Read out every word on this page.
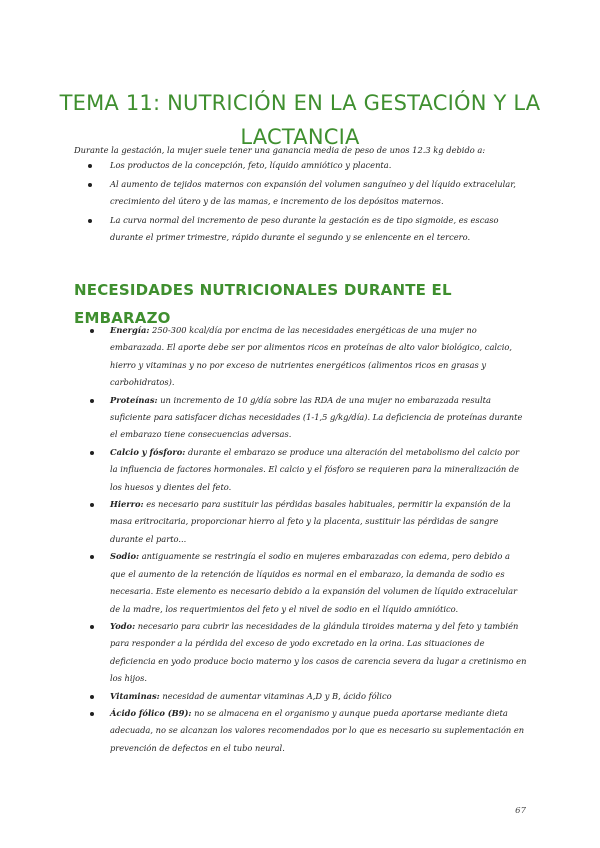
TEMA 11: NUTRICIÓN EN LA GESTACIÓN Y LA LACTANCIA

Durante la gestación, la mujer suele tener una ganancia media de peso de unos 12.3 kg debido a:

Los productos de la concepción, feto, líquido amniótico y placenta.
Al aumento de tejidos maternos con expansión del volumen sanguíneo y del líquido extracelular, crecimiento del útero y de las mamas, e incremento de los depósitos maternos.
La curva normal del incremento de peso durante la gestación es de tipo sigmoide, es escaso durante el primer trimestre, rápido durante el segundo y se enlencente en el tercero.
NECESIDADES NUTRICIONALES DURANTE EL EMBARAZO
Energía: 250-300 kcal/día por encima de las necesidades energéticas de una mujer no embarazada. El aporte debe ser por alimentos ricos en proteínas de alto valor biológico, calcio, hierro y vitaminas y no por exceso de nutrientes energéticos (alimentos ricos en grasas y carbohidratos).
Proteínas: un incremento de 10 g/día sobre las RDA de una mujer no embarazada resulta suficiente para satisfacer dichas necesidades (1-1,5 g/kg/día). La deficiencia de proteínas durante el embarazo tiene consecuencias adversas.
Calcio y fósforo: durante el embarazo se produce una alteración del metabolismo del calcio por la influencia de factores hormonales. El calcio y el fósforo se requieren para la mineralización de los huesos y dientes del feto.
Hierro: es necesario para sustituir las pérdidas basales habituales, permitir la expansión de la masa eritrocitaria, proporcionar hierro al feto y la placenta, sustituir las pérdidas de sangre durante el parto...
Sodio: antiguamente se restringía el sodio en mujeres embarazadas con edema, pero debido a que el aumento de la retención de líquidos es normal en el embarazo, la demanda de sodio es necesaria. Este elemento es necesario debido a la expansión del volumen de líquido extracelular de la madre, los requerimientos del feto y el nivel de sodio en el líquido amniótico.
Yodo: necesario para cubrir las necesidades de la glándula tiroides materna y del feto y también para responder a la pérdida del exceso de yodo excretado en la orina. Las situaciones de deficiencia en yodo produce bocio materno y los casos de carencia severa da lugar a cretinismo en los hijos.
Vitaminas: necesidad de aumentar vitaminas A,D y B, ácido fólico
Ácido fólico (B9): no se almacena en el organismo y aunque pueda aportarse mediante dieta adecuada, no se alcanzan los valores recomendados por lo que es necesario su suplementación en prevención de defectos en el tubo neural.
67
